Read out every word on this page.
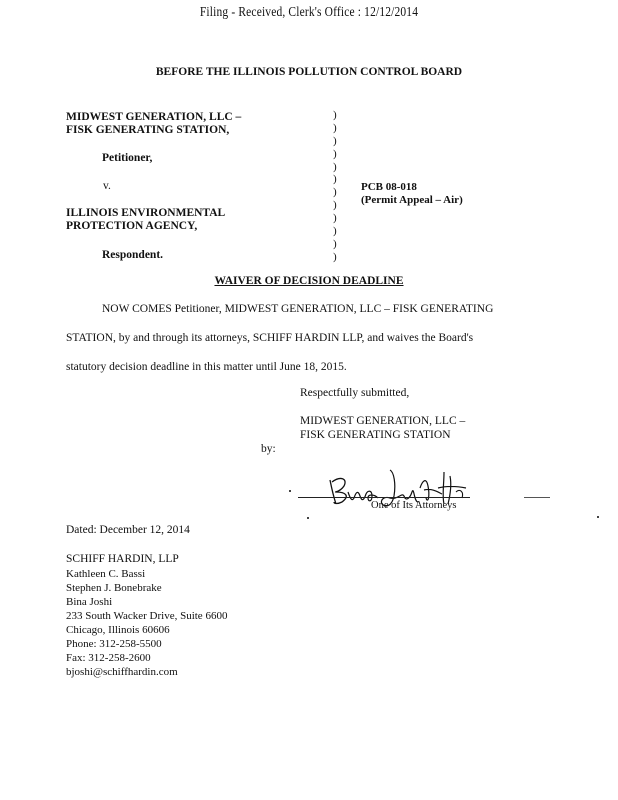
Filing - Received, Clerk's Office : 12/12/2014
BEFORE THE ILLINOIS POLLUTION CONTROL BOARD
MIDWEST GENERATION, LLC –
FISK GENERATING STATION,
Petitioner,
v.
ILLINOIS ENVIRONMENTAL
PROTECTION AGENCY,
Respondent.
)
)
)
)
)
)
)
)
)
)
)
)
PCB 08-018
(Permit Appeal – Air)
WAIVER OF DECISION DEADLINE
NOW COMES Petitioner, MIDWEST GENERATION, LLC – FISK GENERATING
STATION, by and through its attorneys, SCHIFF HARDIN LLP, and waives the Board's
statutory decision deadline in this matter until June 18, 2015.
Respectfully submitted,
MIDWEST GENERATION, LLC –
FISK GENERATING STATION
by:
One of Its Attorneys
Dated: December 12, 2014
SCHIFF HARDIN, LLP
Kathleen C. Bassi
Stephen J. Bonebrake
Bina Joshi
233 South Wacker Drive, Suite 6600
Chicago, Illinois 60606
Phone: 312-258-5500
Fax: 312-258-2600
bjoshi@schiffhardin.com
